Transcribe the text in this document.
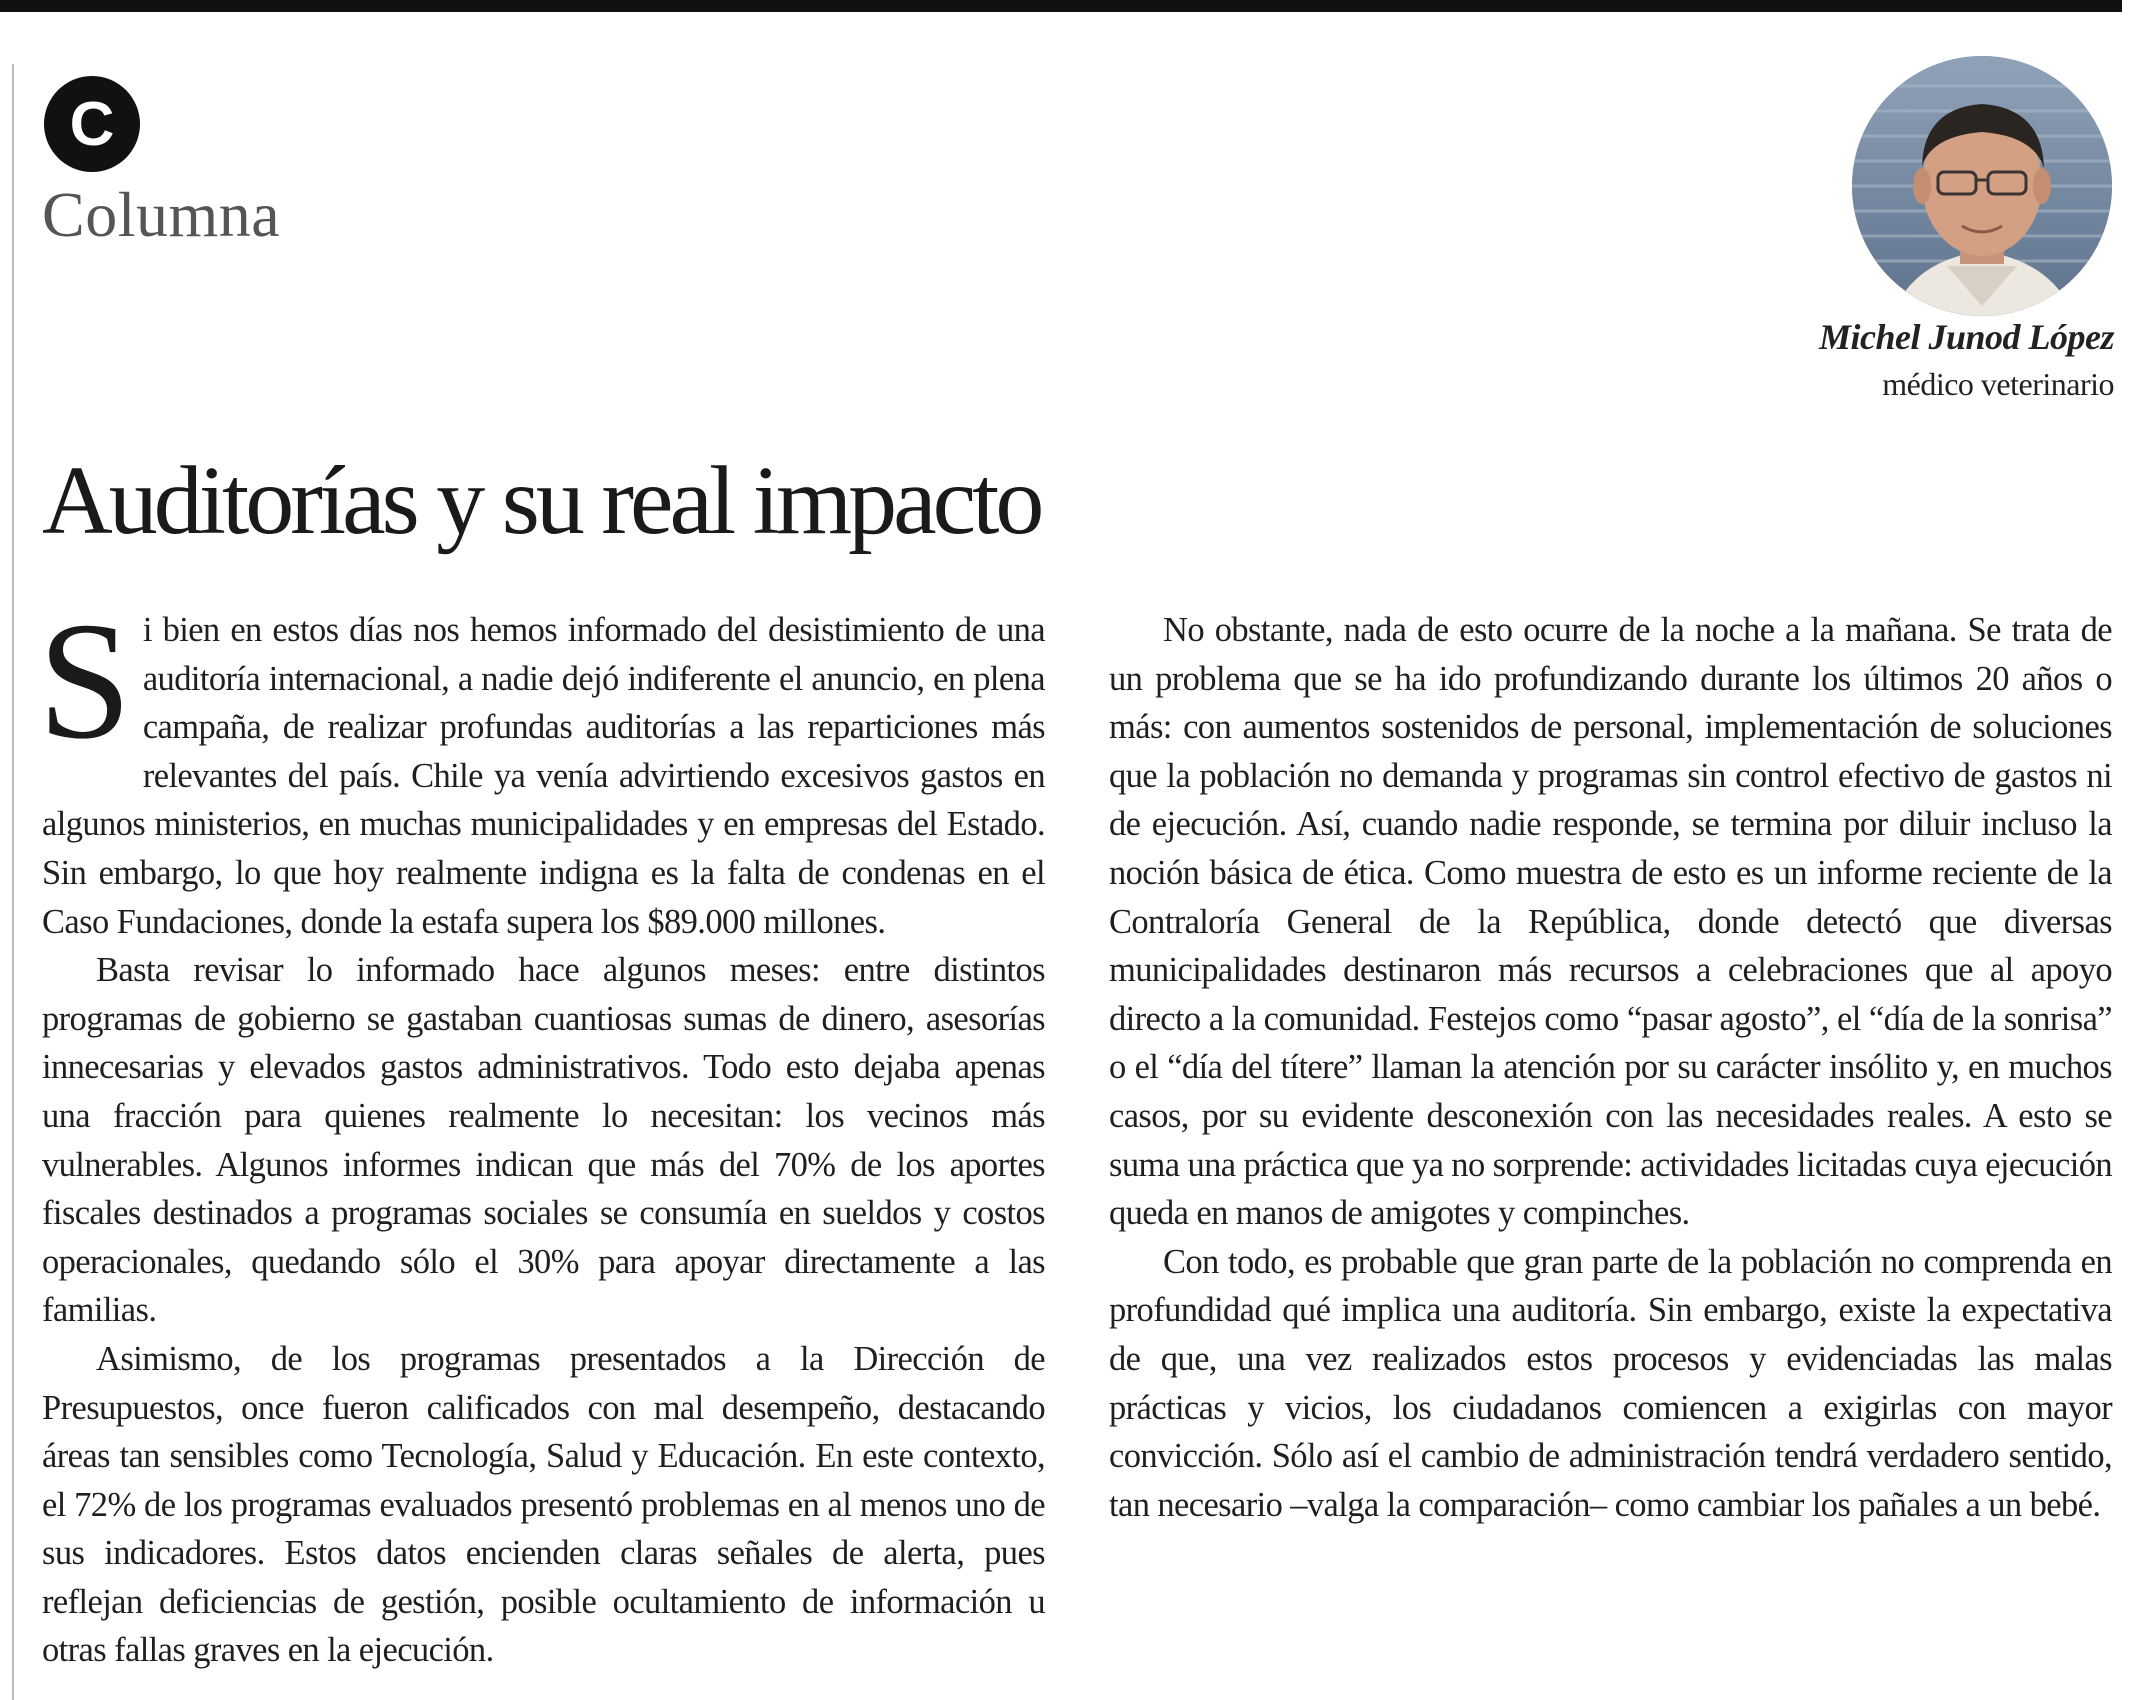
C
Columna
Michel Junod López
médico veterinario
Auditorías y su real impacto

Si bien en estos días nos hemos informado del desistimiento de una auditoría internacional, a nadie dejó indiferente el anuncio, en plena campaña, de realizar profundas auditorías a las reparticiones más relevantes del país. Chile ya venía advirtiendo excesivos gastos en algunos ministerios, en muchas municipalidades y en empresas del Estado. Sin embargo, lo que hoy realmente indigna es la falta de condenas en el Caso Fundaciones, donde la estafa supera los $89.000 millones.

Basta revisar lo informado hace algunos meses: entre distintos programas de gobierno se gastaban cuantiosas sumas de dinero, asesorías innecesarias y elevados gastos administrativos. Todo esto dejaba apenas una fracción para quienes realmente lo necesitan: los vecinos más vulnerables. Algunos informes indican que más del 70% de los aportes fiscales destinados a programas sociales se consumía en sueldos y costos operacionales, quedando sólo el 30% para apoyar directamente a las familias.

Asimismo, de los programas presentados a la Dirección de Presupuestos, once fueron calificados con mal desempeño, destacando áreas tan sensibles como Tecnología, Salud y Educación. En este contexto, el 72% de los programas evaluados presentó problemas en al menos uno de sus indicadores. Estos datos encienden claras señales de alerta, pues reflejan deficiencias de gestión, posible ocultamiento de información u otras fallas graves en la ejecución.

No obstante, nada de esto ocurre de la noche a la mañana. Se trata de un problema que se ha ido profundizando durante los últimos 20 años o más: con aumentos sostenidos de personal, implementación de soluciones que la población no demanda y programas sin control efectivo de gastos ni de ejecución. Así, cuando nadie responde, se termina por diluir incluso la noción básica de ética. Como muestra de esto es un informe reciente de la Contraloría General de la República, donde detectó que diversas municipalidades destinaron más recursos a celebraciones que al apoyo directo a la comunidad. Festejos como “pasar agosto”, el “día de la sonrisa” o el “día del títere” llaman la atención por su carácter insólito y, en muchos casos, por su evidente desconexión con las necesidades reales. A esto se suma una práctica que ya no sorprende: actividades licitadas cuya ejecución queda en manos de amigotes y compinches.

Con todo, es probable que gran parte de la población no comprenda en profundidad qué implica una auditoría. Sin embargo, existe la expectativa de que, una vez realizados estos procesos y evidenciadas las malas prácticas y vicios, los ciudadanos comiencen a exigirlas con mayor convicción. Sólo así el cambio de administración tendrá verdadero sentido, tan necesario –valga la comparación– como cambiar los pañales a un bebé.
